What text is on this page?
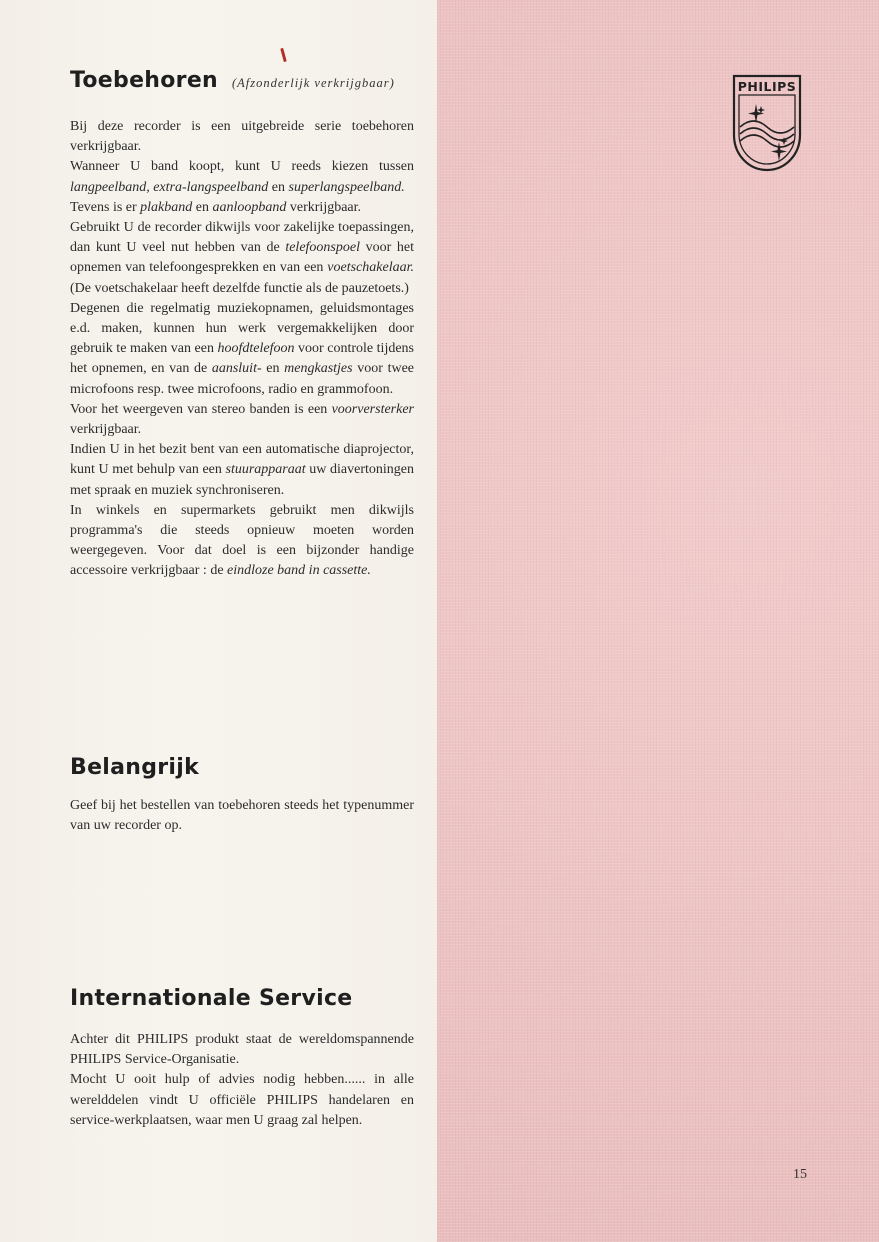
Toebehoren (Afzonderlijk verkrijgbaar)

Bij deze recorder is een uitgebreide serie toebehoren verkrijgbaar.

Wanneer U band koopt, kunt U reeds kiezen tussen langpeelband, extra-langspeelband en superlangspeelband.

Tevens is er plakband en aanloopband verkrijgbaar.

Gebruikt U de recorder dikwijls voor zakelijke toepassingen, dan kunt U veel nut hebben van de telefoonspoel voor het opnemen van telefoongesprekken en van een voetschakelaar. (De voetschakelaar heeft dezelfde functie als de pauzetoets.)

Degenen die regelmatig muziekopnamen, geluidsmontages e.d. maken, kunnen hun werk vergemakkelijken door gebruik te maken van een hoofdtelefoon voor controle tijdens het opnemen, en van de aansluit- en mengkastjes voor twee microfoons resp. twee microfoons, radio en grammofoon.

Voor het weergeven van stereo banden is een voorversterker verkrijgbaar.

Indien U in het bezit bent van een automatische diaprojector, kunt U met behulp van een stuurapparaat uw diavertoningen met spraak en muziek synchroniseren.

In winkels en supermarkets gebruikt men dikwijls programma's die steeds opnieuw moeten worden weergegeven. Voor dat doel is een bijzonder handige accessoire verkrijgbaar : de eindloze band in cassette.

Belangrijk

Geef bij het bestellen van toebehoren steeds het typenummer van uw recorder op.

Internationale Service

Achter dit PHILIPS produkt staat de wereldomspannende PHILIPS Service-Organisatie.

Mocht U ooit hulp of advies nodig hebben...... in alle werelddelen vindt U officiële PHILIPS handelaren en service-werkplaatsen, waar men U graag zal helpen.

PHILIPS
15
